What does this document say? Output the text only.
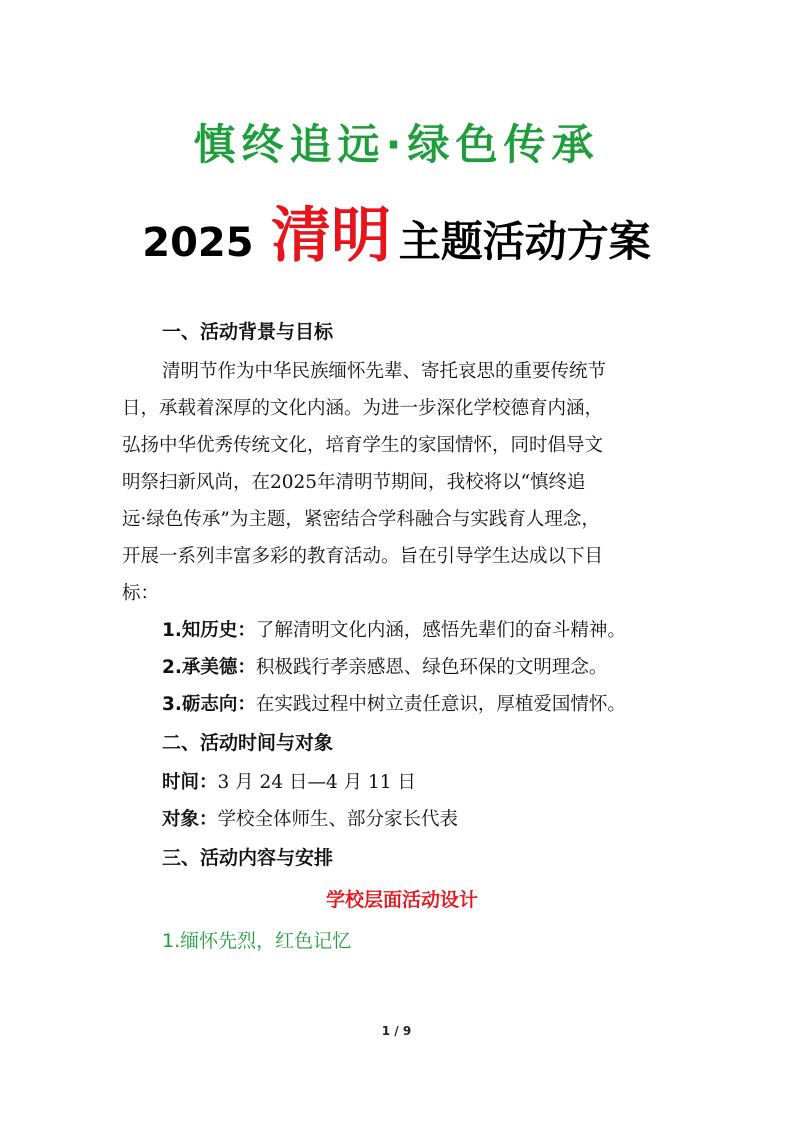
慎终追远·绿色传承
2025 清明 主题活动方案
一、活动背景与目标
清明节作为中华民族缅怀先辈、寄托哀思的重要传统节
日，承载着深厚的文化内涵。为进一步深化学校德育内涵，
弘扬中华优秀传统文化，培育学生的家国情怀，同时倡导文
明祭扫新风尚，在2025年清明节期间，我校将以“慎终追
远·绿色传承”为主题，紧密结合学科融合与实践育人理念，
开展一系列丰富多彩的教育活动。旨在引导学生达成以下目
标：
1.知历史：了解清明文化内涵，感悟先辈们的奋斗精神。
2.承美德：积极践行孝亲感恩、绿色环保的文明理念。
3.砺志向：在实践过程中树立责任意识，厚植爱国情怀。
二、活动时间与对象
时间：3 月 24 日—4 月 11 日
对象：学校全体师生、部分家长代表
三、活动内容与安排
学校层面活动设计
1.缅怀先烈，红色记忆
1 / 9
